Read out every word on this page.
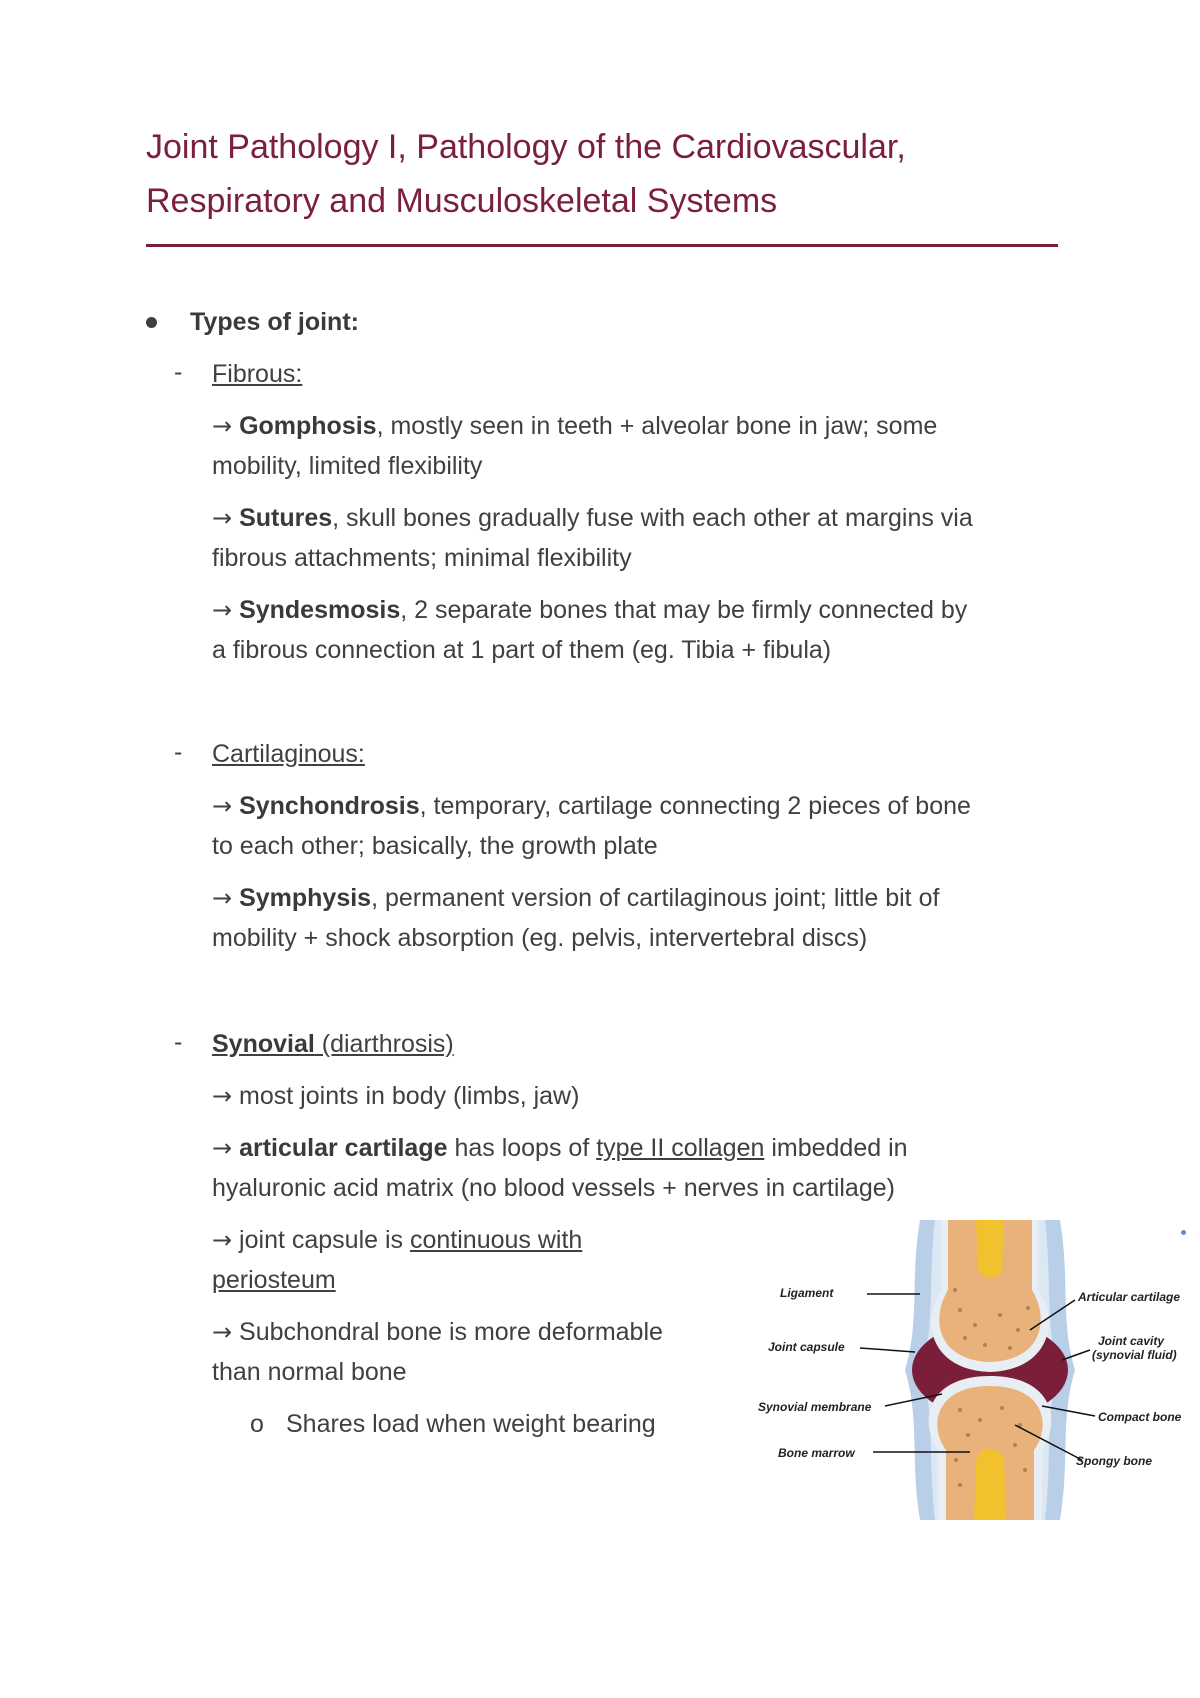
Joint Pathology I, Pathology of the Cardiovascular,
Respiratory and Musculoskeletal Systems
Types of joint:
- Fibrous:
→ Gomphosis, mostly seen in teeth + alveolar bone in jaw; some
mobility, limited flexibility
→ Sutures, skull bones gradually fuse with each other at margins via
fibrous attachments; minimal flexibility
→ Syndesmosis, 2 separate bones that may be firmly connected by
a fibrous connection at 1 part of them (eg. Tibia + fibula)
- Cartilaginous:
→ Synchondrosis, temporary, cartilage connecting 2 pieces of bone
to each other; basically, the growth plate
→ Symphysis, permanent version of cartilaginous joint; little bit of
mobility + shock absorption (eg. pelvis, intervertebral discs)
- Synovial (diarthrosis)
→ most joints in body (limbs, jaw)
→ articular cartilage has loops of type II collagen imbedded in
hyaluronic acid matrix (no blood vessels + nerves in cartilage)
→ joint capsule is continuous with
periosteum
→ Subchondral bone is more deformable
than normal bone
o Shares load when weight bearing
Ligament
Joint capsule
Synovial membrane
Bone marrow
Articular cartilage
Joint cavity
(synovial fluid)
Compact bone
Spongy bone
